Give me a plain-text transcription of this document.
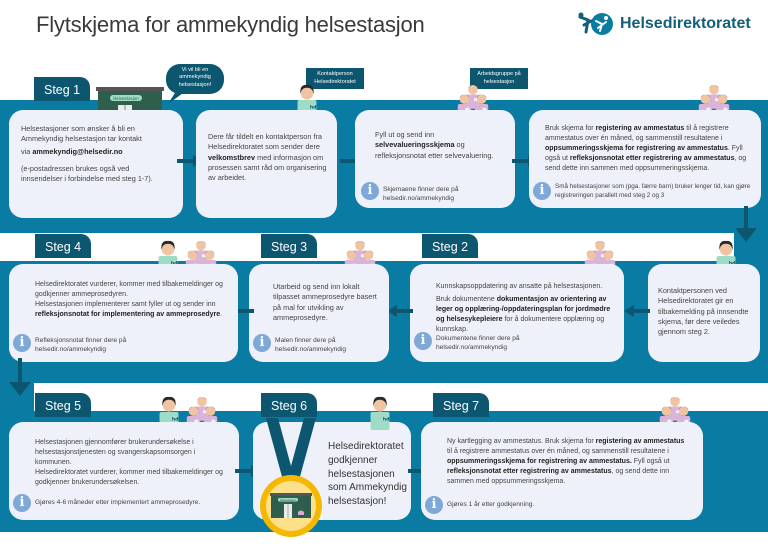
Flytskjema for ammekyndig helsestasjon	Helsedirektoratet
Steg 1
Helsestasjon
Vi vil bli en ammekyndig helsestasjon!

Helsestasjoner som ønsker å bli en Ammekyndig helsestasjon tar kontakt

via ammekyndig@helsedir.no

(e-postadressen brukes også ved innsendelser i forbindelse med steg 1-7).

Kontaktperson Helsedirektoratet

Dere får tildelt en kontaktperson fra Helsedirektoratet som sender dere velkomstbrev med informasjon om prosessen samt råd om organisering av arbeidet.

Arbeidsgruppe på helsestasjon

Fyll ut og send inn selvevalueringsskjema og refleksjonsnotat etter selvevaluering.

i	Skjemaene finner dere på helsedir.no/ammekyndig

Bruk skjema for registering av ammestatus til å registrere ammestatus over én måned, og sammenstill resultatene i oppsummeringsskjema for registrering av ammestatus. Fyll også ut refleksjonsnotat etter registrering av ammestatus, og send dette inn sammen med oppsummeringsskjema.

i	Små helsestasjoner som (pga. færre barn) bruker lenger tid, kan gjøre registreringen parallelt med steg 2 og 3
Steg 4	Steg 3	Steg 2

Kontaktpersonen ved Helsedirektoratet gir en tilbakemelding på innsendte skjema, før dere veiledes gjennom steg 2.

Kunnskapsoppdatering av ansatte på helsestasjonen.

Bruk dokumentene dokumentasjon av orientering av leger og opplæring-/oppdateringsplan for jordmødre og helsesykepleiere for å dokumentere opplæring og kunnskap.

i	Dokumentene finner dere på helsedir.no/ammekyndig

Utarbeid og send inn lokalt tilpasset ammeprosedyre basert på mal for utvikling av ammeprosedyre.

i	Malen finner dere på helsedir.no/ammekyndig

Helsedirektoratet vurderer, kommer med tilbakemeldinger og godkjenner ammeprosedyren.

Helsestasjonen implementerer samt fyller ut og sender inn refleksjonsnotat for implementering av ammeprosedyre.

i	Refleksjonsnotat finner dere på helsedir.no/ammekyndig
Steg 5	Steg 6	Steg 7

Helsestasjonen gjennomfører brukerundersøkelse i helsestasjonstjenesten og svangerskapsomsorgen i kommunen.

Helsedirektoratet vurderer, kommer med tilbakemeldinger og godkjenner brukerundersøkelsen.

i	Gjøres 4-6 måneder etter implementert ammeprosedyre.	Helsestasjon
Helsedirektoratet godkjenner helsestasjonen som Ammekyndig helsestasjon!

Ny kartlegging av ammestatus. Bruk skjema for registering av ammestatus til å registrere ammestatus over én måned, og sammenstill resultatene i oppsummeringsskjema for registrering av ammestatus. Fyll også ut refleksjonsnotat etter registrering av ammestatus, og send dette inn sammen med oppsummeringsskjema.

i	Gjøres 1 år etter godkjenning.
